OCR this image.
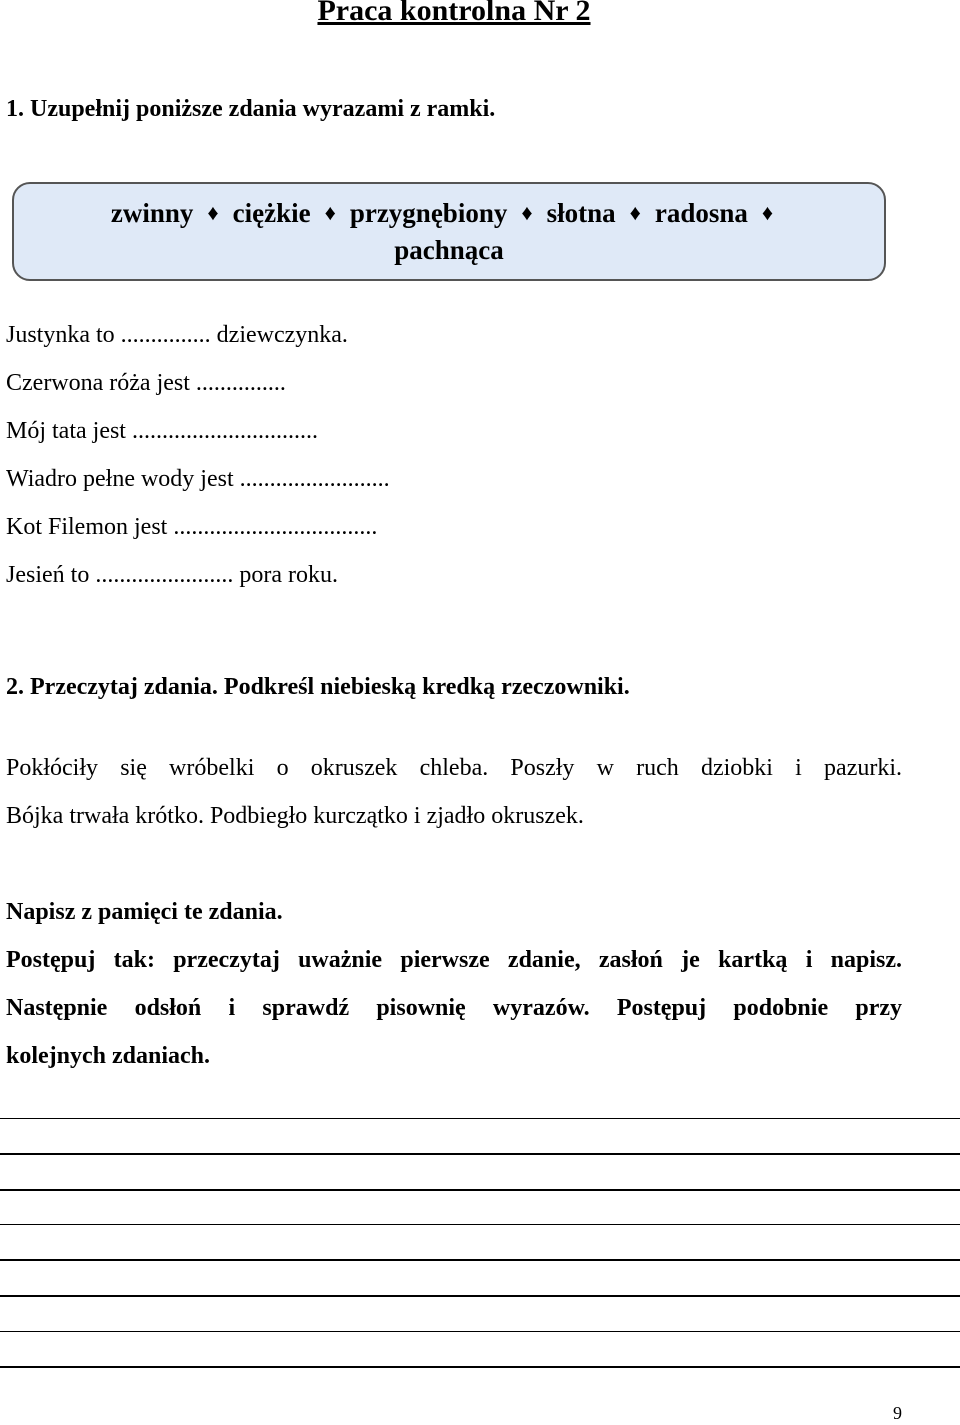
Praca kontrolna Nr 2
1. Uzupełnij poniższe zdania wyrazami z ramki.
zwinny ♦ ciężkie ♦ przygnębiony ♦ słotna ♦ radosna ♦
pachnąca
Justynka to ............... dziewczynka.
Czerwona róża jest ...............
Mój tata jest ...............................
Wiadro pełne wody jest .........................
Kot Filemon jest ..................................
Jesień to ....................... pora roku.
2. Przeczytaj zdania. Podkreśl niebieską kredką rzeczowniki.
Pokłóciły się wróbelki o okruszek chleba. Poszły w ruch dziobki i pazurki.
Bójka trwała krótko. Podbiegło kurczątko i zjadło okruszek.
Napisz z pamięci te zdania.
Postępuj tak: przeczytaj uważnie pierwsze zdanie, zasłoń je kartką i napisz.
Następnie odsłoń i sprawdź pisownię wyrazów. Postępuj podobnie przy
kolejnych zdaniach.
9
